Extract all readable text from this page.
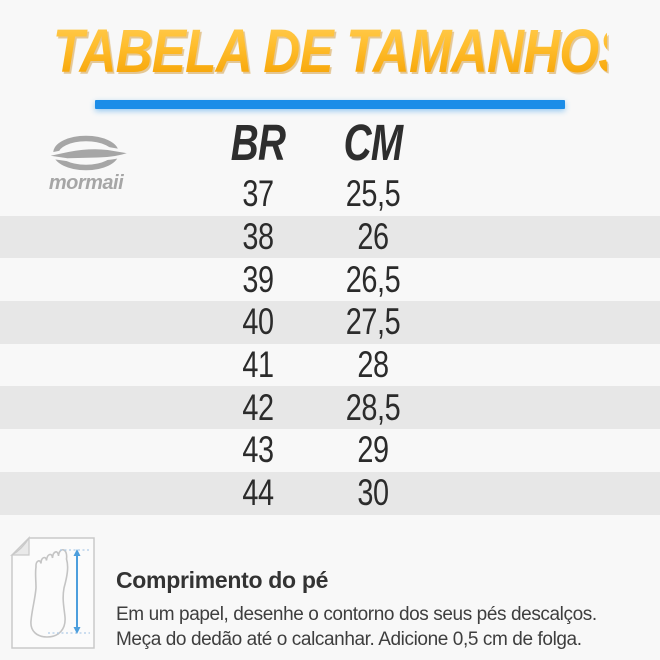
TABELA DE TAMANHOS
mormaii
BR	CM
37	25,5
38	26
39	26,5
40	27,5
41	28
42	28,5
43	29
44	30

Comprimento do pé

Em um papel, desenhe o contorno dos seus pés descalços.

Meça do dedão até o calcanhar. Adicione 0,5 cm de folga.
